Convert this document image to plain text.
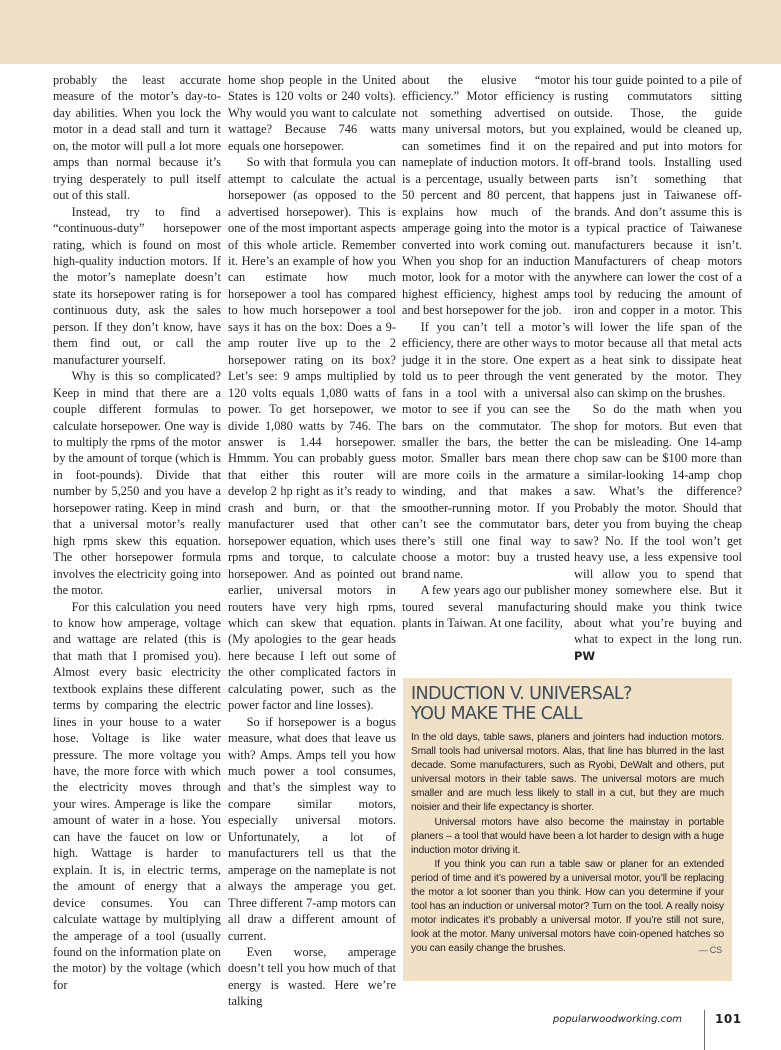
probably the least accurate measure of the motor’s day-to-day abilities. When you lock the motor in a dead stall and turn it on, the motor will pull a lot more amps than normal because it’s trying desperately to pull itself out of this stall.

Instead, try to find a “continuous-duty” horsepower rating, which is found on most high-quality induction motors. If the motor’s nameplate doesn’t state its horsepower rating is for continuous duty, ask the sales person. If they don’t know, have them find out, or call the manufacturer yourself.

Why is this so complicated? Keep in mind that there are a couple different formulas to calculate horsepower. One way is to multiply the rpms of the motor by the amount of torque (which is in foot-pounds). Divide that number by 5,250 and you have a horsepower rating. Keep in mind that a universal motor’s really high rpms skew this equation. The other horsepower formula involves the electricity going into the motor.

For this calculation you need to know how amperage, voltage and wattage are related (this is that math that I promised you). Almost every basic electricity textbook explains these different terms by comparing the electric lines in your house to a water hose. Voltage is like water pressure. The more voltage you have, the more force with which the electricity moves through your wires. Amperage is like the amount of water in a hose. You can have the faucet on low or high. Wattage is harder to explain. It is, in electric terms, the amount of energy that a device consumes. You can calculate wattage by multiplying the amperage of a tool (usually found on the information plate on the motor) by the voltage (which for

home shop people in the United States is 120 volts or 240 volts). Why would you want to calculate wattage? Because 746 watts equals one horsepower.

So with that formula you can attempt to calculate the actual horsepower (as opposed to the advertised horsepower). This is one of the most important aspects of this whole article. Remember it. Here’s an example of how you can estimate how much horsepower a tool has compared to how much horsepower a tool says it has on the box: Does a 9-amp router live up to the 2 horsepower rating on its box? Let’s see: 9 amps multiplied by 120 volts equals 1,080 watts of power. To get horsepower, we divide 1,080 watts by 746. The answer is 1.44 horsepower. Hmmm. You can probably guess that either this router will develop 2 hp right as it’s ready to crash and burn, or that the manufacturer used that other horsepower equation, which uses rpms and torque, to calculate horsepower. And as pointed out earlier, universal motors in routers have very high rpms, which can skew that equation. (My apologies to the gear heads here because I left out some of the other complicated factors in calculating power, such as the power factor and line losses).

So if horsepower is a bogus measure, what does that leave us with? Amps. Amps tell you how much power a tool consumes, and that’s the simplest way to compare similar motors, especially universal motors. Unfortunately, a lot of manufacturers tell us that the amperage on the nameplate is not always the amperage you get. Three different 7-amp motors can all draw a different amount of current.

Even worse, amperage doesn’t tell you how much of that energy is wasted. Here we’re talking

about the elusive “motor efficiency.” Motor efficiency is not something advertised on many universal motors, but you can sometimes find it on the nameplate of induction motors. It is a percentage, usually between 50 percent and 80 percent, that explains how much of the amperage going into the motor is converted into work coming out. When you shop for an induction motor, look for a motor with the highest efficiency, highest amps and best horsepower for the job.

If you can’t tell a motor’s efficiency, there are other ways to judge it in the store. One expert told us to peer through the vent fans in a tool with a universal motor to see if you can see the bars on the commutator. The smaller the bars, the better the motor. Smaller bars mean there are more coils in the armature winding, and that makes a smoother-running motor. If you can’t see the commutator bars, there’s still one final way to choose a motor: buy a trusted brand name.

A few years ago our publisher toured several manufacturing plants in Taiwan. At one facility,

his tour guide pointed to a pile of rusting commutators sitting outside. Those, the guide explained, would be cleaned up, repaired and put into motors for off-brand tools. Installing used parts isn’t something that happens just in Taiwanese off-brands. And don’t assume this is a typical practice of Taiwanese manufacturers because it isn’t. Manufacturers of cheap motors anywhere can lower the cost of a tool by reducing the amount of iron and copper in a motor. This will lower the life span of the motor because all that metal acts as a heat sink to dissipate heat generated by the motor. They also can skimp on the brushes.

So do the math when you shop for motors. But even that can be misleading. One 14-amp chop saw can be $100 more than a similar-looking 14-amp chop saw. What’s the difference? Probably the motor. Should that deter you from buying the cheap saw? No. If the tool won’t get heavy use, a less expensive tool will allow you to spend that money somewhere else. But it should make you think twice about what you’re buying and what to expect in the long run. PW

INDUCTION V. UNIVERSAL?
YOU MAKE THE CALL

In the old days, table saws, planers and jointers had induction motors. Small tools had universal motors. Alas, that line has blurred in the last decade. Some manufacturers, such as Ryobi, DeWalt and others, put universal motors in their table saws. The universal motors are much smaller and are much less likely to stall in a cut, but they are much noisier and their life expectancy is shorter.

Universal motors have also become the mainstay in portable planers – a tool that would have been a lot harder to design with a huge induction motor driving it.

If you think you can run a table saw or planer for an extended period of time and it’s powered by a universal motor, you’ll be replacing the motor a lot sooner than you think. How can you determine if your tool has an induction or universal motor? Turn on the tool. A really noisy motor indicates it’s probably a universal motor. If you’re still not sure, look at the motor. Many universal motors have coin-opened hatches so you can easily change the brushes.	— CS
popularwoodworking.com	101
